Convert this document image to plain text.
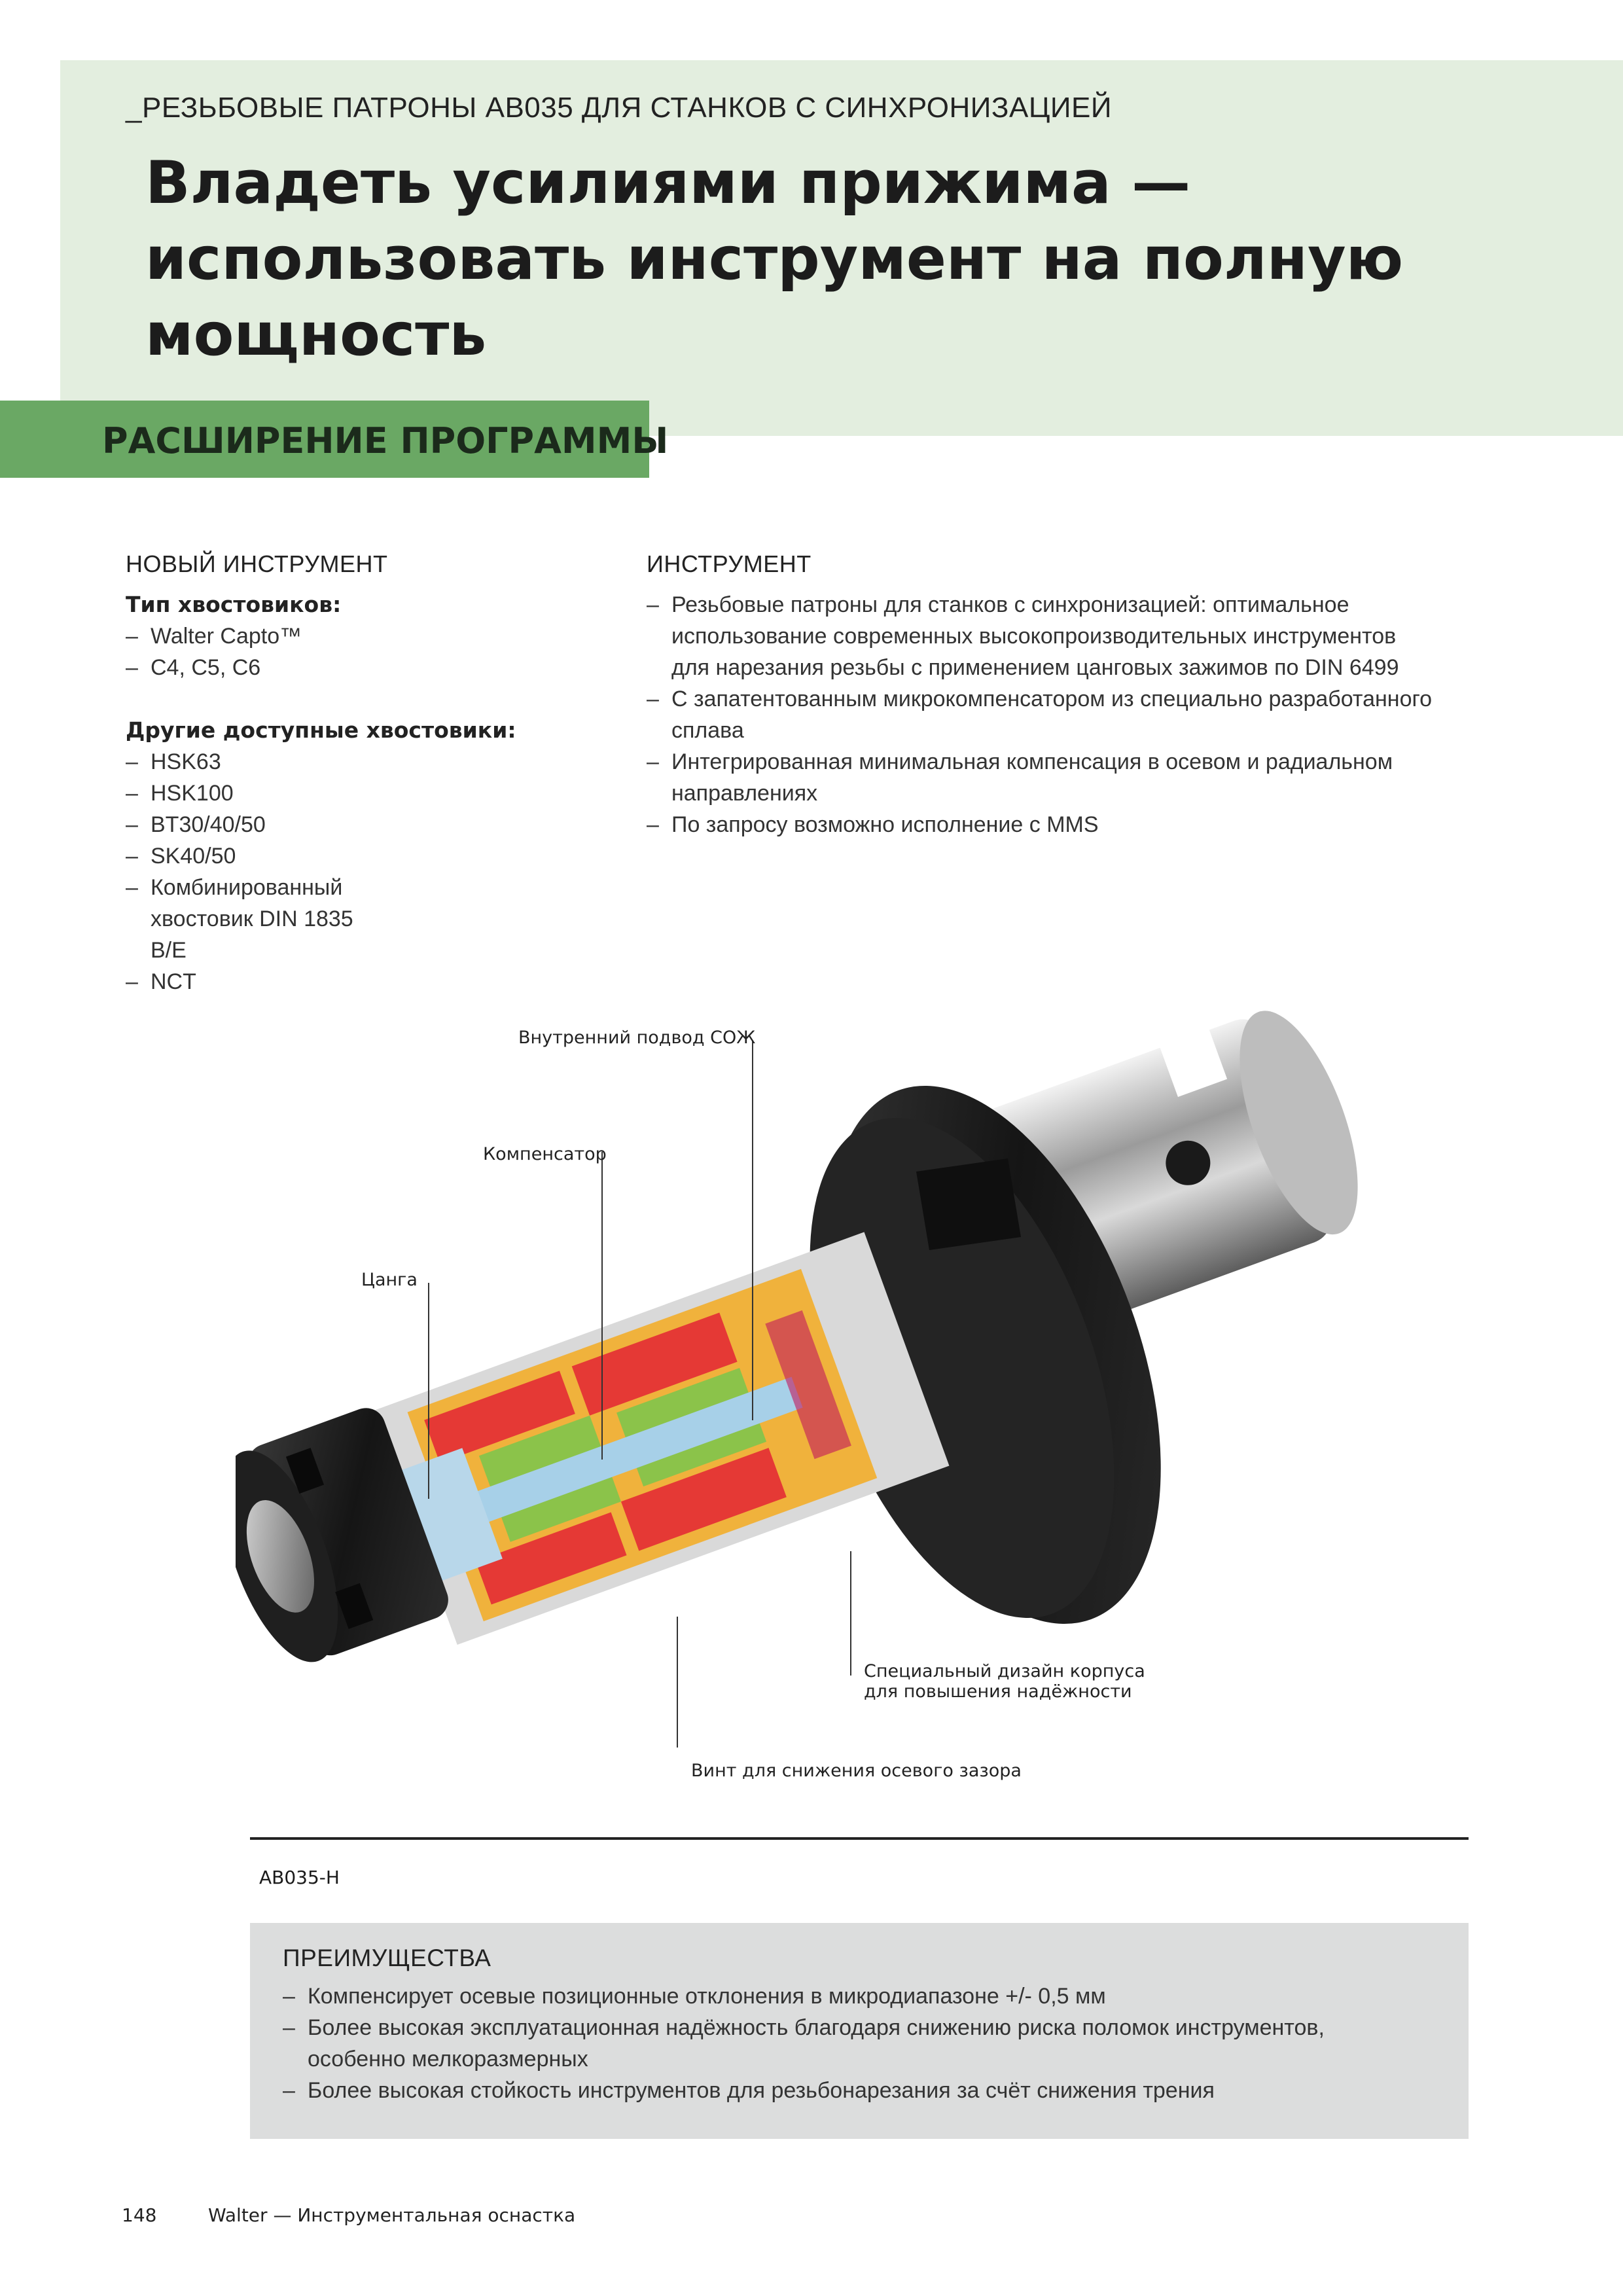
_РЕЗЬБОВЫЕ ПАТРОНЫ AB035 ДЛЯ СТАНКОВ С СИНХРОНИЗАЦИЕЙ
Владеть усилиями прижима —
использовать инструмент на полную
мощность
РАСШИРЕНИЕ ПРОГРАММЫ
НОВЫЙ ИНСТРУМЕНТ
Тип хвостовиков:
– Walter Capto™
– C4, C5, C6
Другие доступные хвостовики:
– HSK63
– HSK100
– BT30/40/50
– SK40/50
– Комбинированный хвостовик DIN 1835 B/E
– NCT
ИНСТРУМЕНТ
– Резьбовые патроны для станков с синхронизацией: оптимальное использование современных высокопроизводительных инструментов для нарезания резьбы с применением цанговых зажимов по DIN 6499
– С запатентованным микрокомпенсатором из специально разработанного сплава
– Интегрированная минимальная компенсация в осевом и радиальном направлениях
– По запросу возможно исполнение с MMS
Внутренний подвод СОЖ
Компенсатор
Цанга
Специальный дизайн корпуса
для повышения надёжности
Винт для снижения осевого зазора
AB035-H
ПРЕИМУЩЕСТВА
– Компенсирует осевые позиционные отклонения в микродиапазоне +/- 0,5 мм
– Более высокая эксплуатационная надёжность благодаря снижению риска поломок инструментов, особенно мелкоразмерных
– Более высокая стойкость инструментов для резьбонарезания за счёт снижения трения
148	Walter — Инструментальная оснастка
